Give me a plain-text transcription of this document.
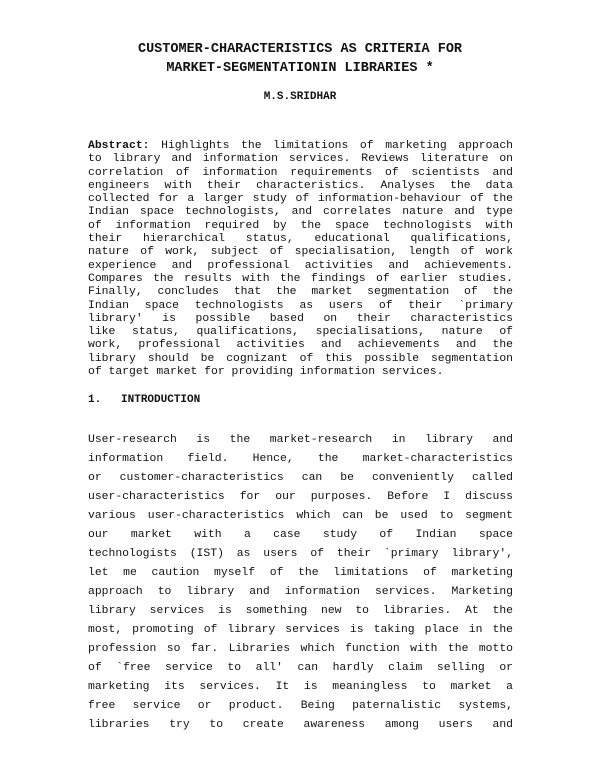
CUSTOMER-CHARACTERISTICS AS CRITERIA FOR
MARKET-SEGMENTATIONIN LIBRARIES *
M.S.SRIDHAR
Abstract: Highlights the limitations of marketing approach
to library and information services. Reviews literature on
correlation of information requirements of scientists and
engineers with their characteristics. Analyses the data
collected for a larger study of information-behaviour of the
Indian space technologists, and correlates nature and type
of information required by the space technologists with
their hierarchical status, educational qualifications,
nature of work, subject of specialisation, length of work
experience and professional activities and achievements.
Compares the results with the findings of earlier studies.
Finally, concludes that the market segmentation of the
Indian space technologists as users of their `primary
library' is possible based on their characteristics
like status, qualifications, specialisations, nature of
work, professional activities and achievements and the
library should be cognizant of this possible segmentation
of target market for providing information services.
1. INTRODUCTION
User-research is the market-research in library and
information field. Hence, the market-characteristics
or customer-characteristics can be conveniently called
user-characteristics for our purposes. Before I discuss
various user-characteristics which can be used to segment
our market with a case study of Indian space
technologists (IST) as users of their `primary library',
let me caution myself of the limitations of marketing
approach to library and information services. Marketing
library services is something new to libraries. At the
most, promoting of library services is taking place in the
profession so far. Libraries which function with the motto
of `free service to all' can hardly claim selling or
marketing its services. It is meaningless to market a
free service or product. Being paternalistic systems,
libraries try to create awareness among users and
